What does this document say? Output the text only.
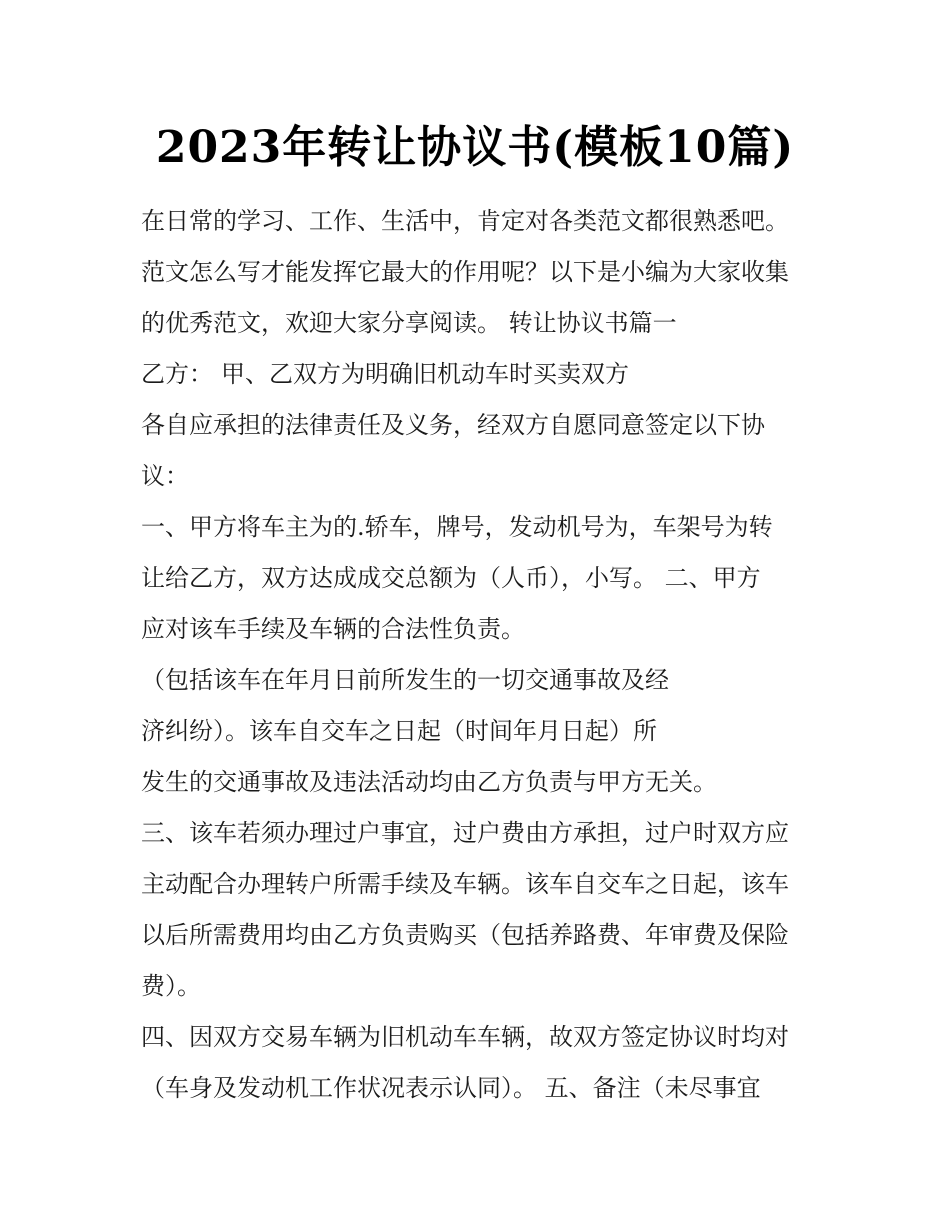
2023年转让协议书(模板10篇)
在日常的学习、工作、生活中，肯定对各类范文都很熟悉吧。
范文怎么写才能发挥它最大的作用呢？以下是小编为大家收集
的优秀范文，欢迎大家分享阅读。 转让协议书篇一
乙方： 甲、乙双方为明确旧机动车时买卖双方
各自应承担的法律责任及义务，经双方自愿同意签定以下协
议：
一、甲方将车主为的.轿车，牌号，发动机号为，车架号为转
让给乙方，双方达成成交总额为（人币），小写。 二、甲方
应对该车手续及车辆的合法性负责。
（包括该车在年月日前所发生的一切交通事故及经
济纠纷）。该车自交车之日起（时间年月日起）所
发生的交通事故及违法活动均由乙方负责与甲方无关。
三、该车若须办理过户事宜，过户费由方承担，过户时双方应
主动配合办理转户所需手续及车辆。该车自交车之日起，该车
以后所需费用均由乙方负责购买（包括养路费、年审费及保险
费）。
四、因双方交易车辆为旧机动车车辆，故双方签定协议时均对
（车身及发动机工作状况表示认同）。 五、备注（未尽事宜
